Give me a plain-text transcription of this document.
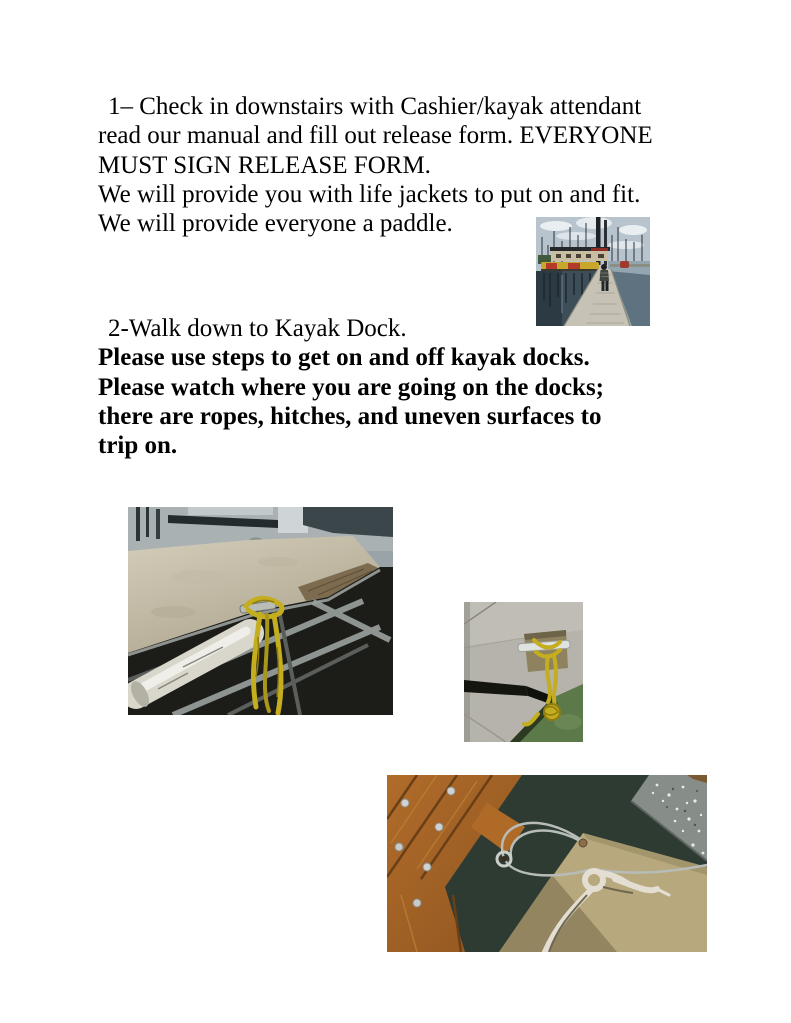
1– Check in downstairs with Cashier/kayak attendant
read our manual and fill out release form. EVERYONE
MUST SIGN RELEASE FORM.
We will provide you with life jackets to put on and fit.
We will provide everyone a paddle.
2-Walk down to Kayak Dock.
Please use steps to get on and off kayak docks.
Please watch where you are going on the docks;
there are ropes, hitches, and uneven surfaces to
trip on.
